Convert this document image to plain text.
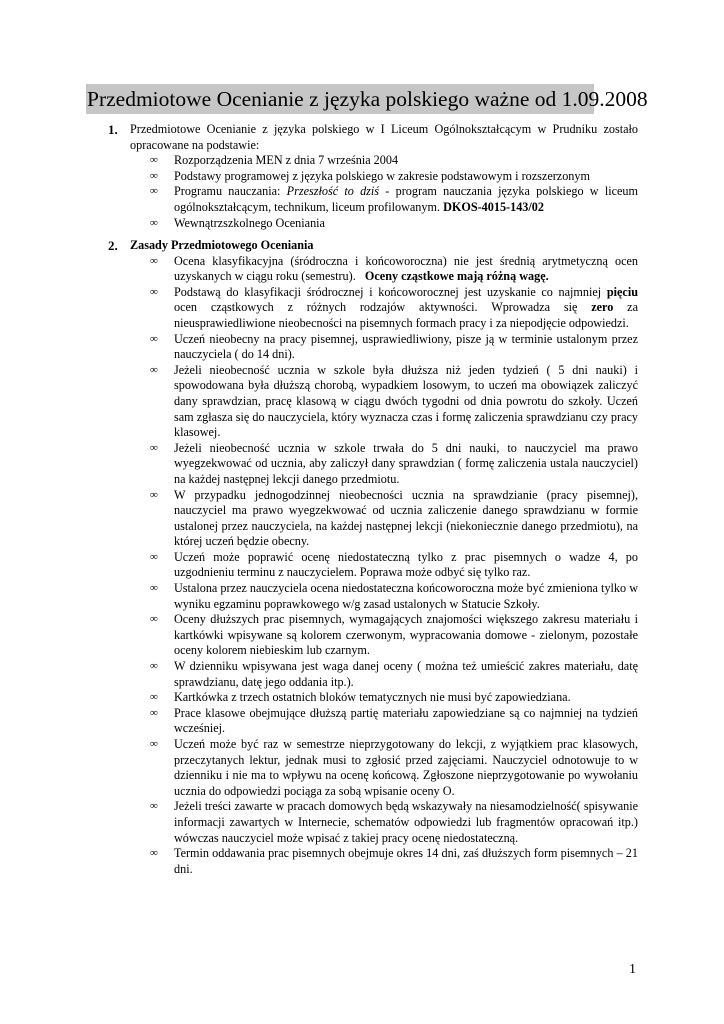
Przedmiotowe Ocenianie z języka polskiego ważne od 1.09.2008
1. Przedmiotowe Ocenianie z języka polskiego w I Liceum Ogólnokształcącym w Prudniku zostało opracowane na podstawie:
∞ Rozporządzenia MEN z dnia 7 września 2004
∞ Podstawy programowej z języka polskiego w zakresie podstawowym i rozszerzonym
∞ Programu nauczania: Przeszłość to dziś - program nauczania języka polskiego w liceum ogólnokształcącym, technikum, liceum profilowanym. DKOS-4015-143/02
∞ Wewnątrzszkolnego Oceniania
2. Zasady Przedmiotowego Oceniania
∞ Ocena klasyfikacyjna (śródroczna i końcoworoczna) nie jest średnią arytmetyczną ocen uzyskanych w ciągu roku (semestru).   Oceny cząstkowe mają różną wagę.
∞ Podstawą do klasyfikacji śródrocznej i końcoworocznej jest uzyskanie co najmniej pięciu ocen cząstkowych z różnych rodzajów aktywności. Wprowadza się zero za nieusprawiedliwione nieobecności na pisemnych formach pracy i za niepodjęcie odpowiedzi.
∞ Uczeń nieobecny na pracy pisemnej, usprawiedliwiony, pisze ją w terminie ustalonym przez nauczyciela ( do 14 dni).
∞ Jeżeli nieobecność ucznia w szkole była dłuższa niż jeden tydzień ( 5 dni nauki) i spowodowana była dłuższą chorobą, wypadkiem losowym, to uczeń ma obowiązek zaliczyć dany sprawdzian, pracę klasową w ciągu dwóch tygodni od dnia powrotu do szkoły. Uczeń sam zgłasza się do nauczyciela, który wyznacza czas i formę zaliczenia sprawdzianu czy pracy klasowej.
∞ Jeżeli nieobecność ucznia w szkole trwała do 5 dni nauki, to nauczyciel ma prawo wyegzekwować od ucznia, aby zaliczył dany sprawdzian ( formę zaliczenia ustala nauczyciel) na każdej następnej lekcji danego przedmiotu.
∞ W przypadku jednogodzinnej nieobecności ucznia na sprawdzianie (pracy pisemnej), nauczyciel ma prawo wyegzekwować od ucznia zaliczenie danego sprawdzianu w formie ustalonej przez nauczyciela, na każdej następnej lekcji (niekoniecznie danego przedmiotu), na której uczeń będzie obecny.
∞ Uczeń może poprawić ocenę niedostateczną tylko z prac pisemnych o wadze 4, po uzgodnieniu terminu z nauczycielem. Poprawa może odbyć się tylko raz.
∞ Ustalona przez nauczyciela ocena niedostateczna końcoworoczna może być zmieniona tylko w wyniku egzaminu poprawkowego w/g zasad ustalonych w Statucie Szkoły.
∞ Oceny dłuższych prac pisemnych, wymagających znajomości większego zakresu materiału i kartkówki wpisywane są kolorem czerwonym, wypracowania domowe - zielonym, pozostałe oceny kolorem niebieskim lub czarnym.
∞ W dzienniku wpisywana jest waga danej oceny ( można też umieścić zakres materiału, datę sprawdzianu, datę jego oddania itp.).
∞ Kartkówka z trzech ostatnich bloków tematycznych nie musi być zapowiedziana.
∞ Prace klasowe obejmujące dłuższą partię materiału zapowiedziane są co najmniej na tydzień wcześniej.
∞ Uczeń może być raz w semestrze nieprzygotowany do lekcji, z wyjątkiem prac klasowych, przeczytanych lektur, jednak musi to zgłosić przed zajęciami. Nauczyciel odnotowuje to w dzienniku i nie ma to wpływu na ocenę końcową. Zgłoszone nieprzygotowanie po wywołaniu ucznia do odpowiedzi pociąga za sobą wpisanie oceny O.
∞ Jeżeli treści zawarte w pracach domowych będą wskazywały na niesamodzielność( spisywanie informacji zawartych w Internecie, schematów odpowiedzi lub fragmentów opracowań itp.) wówczas nauczyciel może wpisać z takiej pracy ocenę niedostateczną.
∞ Termin oddawania prac pisemnych obejmuje okres 14 dni, zaś dłuższych form pisemnych – 21 dni.
1
